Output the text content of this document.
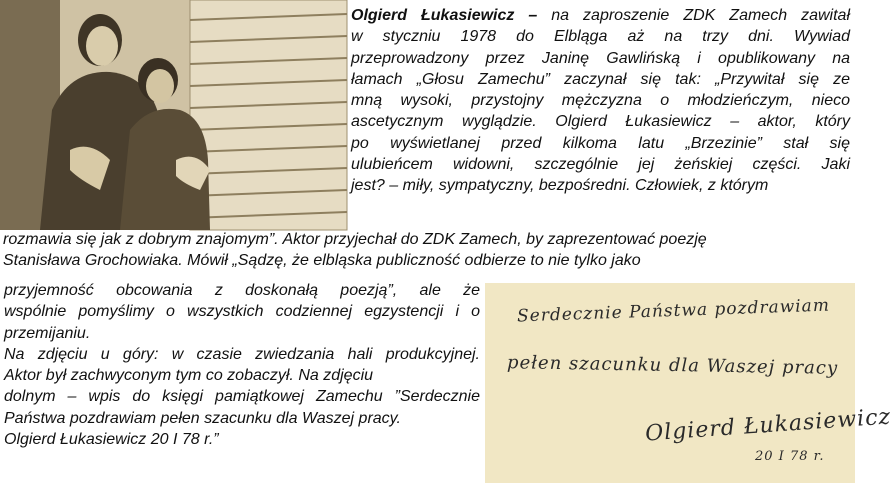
Olgierd Łukasiewicz – na zaproszenie ZDK Zamech zawitał
w styczniu 1978 do Elbląga aż na trzy dni. Wywiad
przeprowadzony przez Janinę Gawlińską i opublikowany na
łamach „Głosu Zamechu” zaczynał się tak: „Przywitał się ze
mną wysoki, przystojny mężczyzna o młodzieńczym, nieco
ascetycznym wyglądzie. Olgierd Łukasiewicz – aktor, który
po wyświetlanej przed kilkoma latu „Brzezinie” stał się
ulubieńcem widowni, szczególnie jej żeńskiej części. Jaki
jest? – miły, sympatyczny, bezpośredni. Człowiek, z którym
rozmawia się jak z dobrym znajomym”. Aktor przyjechał do ZDK Zamech, by zaprezentować poezję
Stanisława Grochowiaka. Mówił „Sądzę, że elbląska publiczność odbierze to nie tylko jako
przyjemność obcowania z doskonałą poezją”, ale że
wspólnie pomyślimy o wszystkich codziennej egzystencji i o
przemijaniu.
Na zdjęciu u góry: w czasie zwiedzania hali produkcyjnej.
Aktor był zachwyconym tym co zobaczył. Na zdjęciu
dolnym – wpis do księgi pamiątkowej Zamechu ”Serdecznie
Państwa pozdrawiam pełen szacunku dla Waszej pracy.
Olgierd Łukasiewicz 20 I 78 r.”
Serdecznie Państwa pozdrawiam
pełen szacunku dla Waszej pracy
Olgierd Łukasiewicz
20 I 78 r.
